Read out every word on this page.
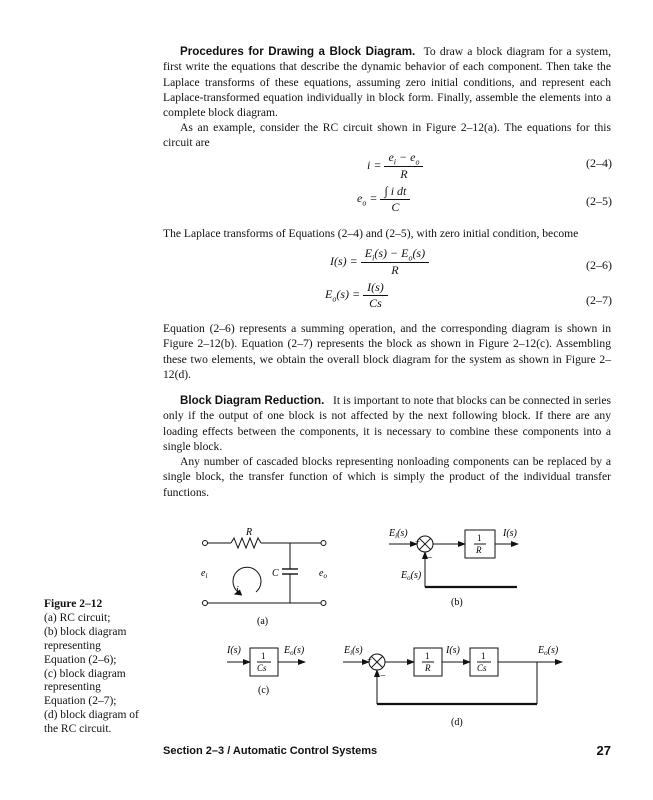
Procedures for Drawing a Block Diagram. To draw a block diagram for a system, first write the equations that describe the dynamic behavior of each component. Then take the Laplace transforms of these equations, assuming zero initial conditions, and represent each Laplace-transformed equation individually in block form. Finally, assemble the elements into a complete block diagram.
As an example, consider the RC circuit shown in Figure 2–12(a). The equations for this circuit are
$i = \frac{e_i - e_o}{R}$	(2–4)
$e_o = \frac{\text{∫ i dt}}{C}$	(2–5)
The Laplace transforms of Equations (2–4) and (2–5), with zero initial condition, become
$I(s) = \frac{E_i(s) - E_o(s)}{R}$	(2–6)
$E_o(s) = \frac{I(s)}{Cs}$	(2–7)
Equation (2–6) represents a summing operation, and the corresponding diagram is shown in Figure 2–12(b). Equation (2–7) represents the block as shown in Figure 2–12(c). Assembling these two elements, we obtain the overall block diagram for the system as shown in Figure 2–12(d).
Block Diagram Reduction. It is important to note that blocks can be connected in series only if the output of one block is not affected by the next following block. If there are any loading effects between the components, it is necessary to combine these components into a single block.
Any number of cascaded blocks representing nonloading components can be replaced by a single block, the transfer function of which is simply the product of the individual transfer functions.
Figure 2–12
(a) RC circuit;
(b) block diagram
representing
Equation (2–6);
(c) block diagram
representing
Equation (2–7);
(d) block diagram of
the RC circuit.
R
C
$e_i$	$e_o$
i
(a)
$E_i(s)$
+
−
1
R
I(s)
$E_o(s)$
(b)
I(s) 1
Cs
$E_o(s)$
(c)
$E_i(s)$
+
−
1
R
I(s) 1
Cs
$E_o(s)$
(d)
Section 2–3 / Automatic Control Systems	27
